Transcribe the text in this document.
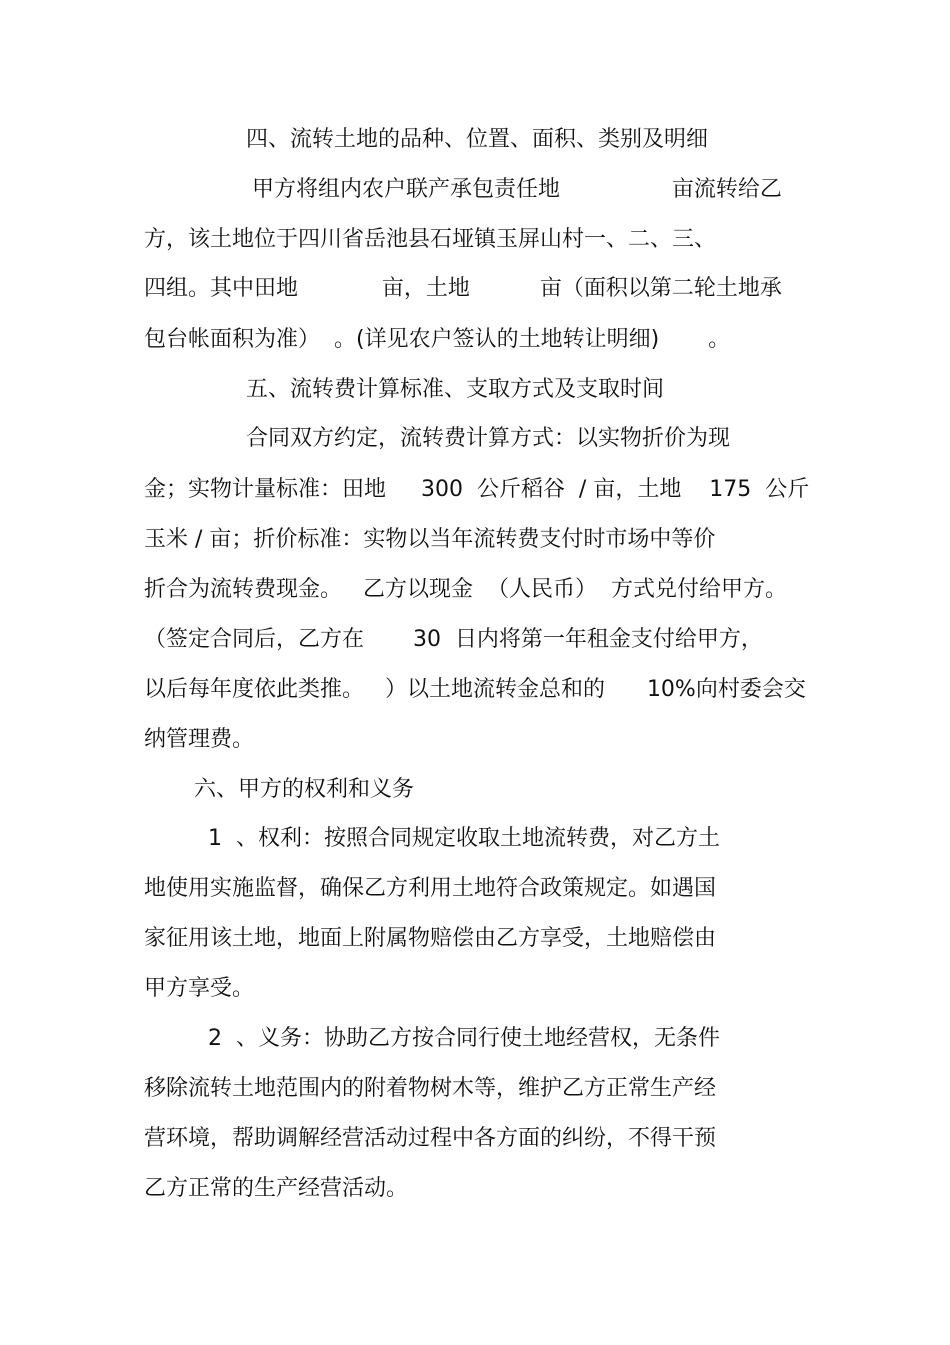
四、流转土地的品种、位置、面积、类别及明细

甲方将组内农户联产承包责任地                亩流转给乙

方，该土地位于四川省岳池县石垭镇玉屏山村一、二、三、

四组。其中田地            亩，土地          亩（面积以第二轮土地承

包台帐面积为准）  。(详见农户签认的土地转让明细)       。

五、流转费计算标准、支取方式及支取时间

合同双方约定，流转费计算方式：以实物折价为现

金；实物计量标准：田地     300  公斤稻谷  / 亩，土地    175  公斤

玉米 / 亩；折价标准：实物以当年流转费支付时市场中等价

折合为流转费现金。   乙方以现金  （人民币）  方式兑付给甲方。

（签定合同后，乙方在       30  日内将第一年租金支付给甲方，

以后每年度依此类推。   ）以土地流转金总和的      10%向村委会交

纳管理费。

六、甲方的权利和义务

1  、权利：按照合同规定收取土地流转费，对乙方土

地使用实施监督，确保乙方利用土地符合政策规定。如遇国

家征用该土地，地面上附属物赔偿由乙方享受，土地赔偿由

甲方享受。

2  、义务：协助乙方按合同行使土地经营权，无条件

移除流转土地范围内的附着物树木等，维护乙方正常生产经

营环境，帮助调解经营活动过程中各方面的纠纷，不得干预

乙方正常的生产经营活动。
